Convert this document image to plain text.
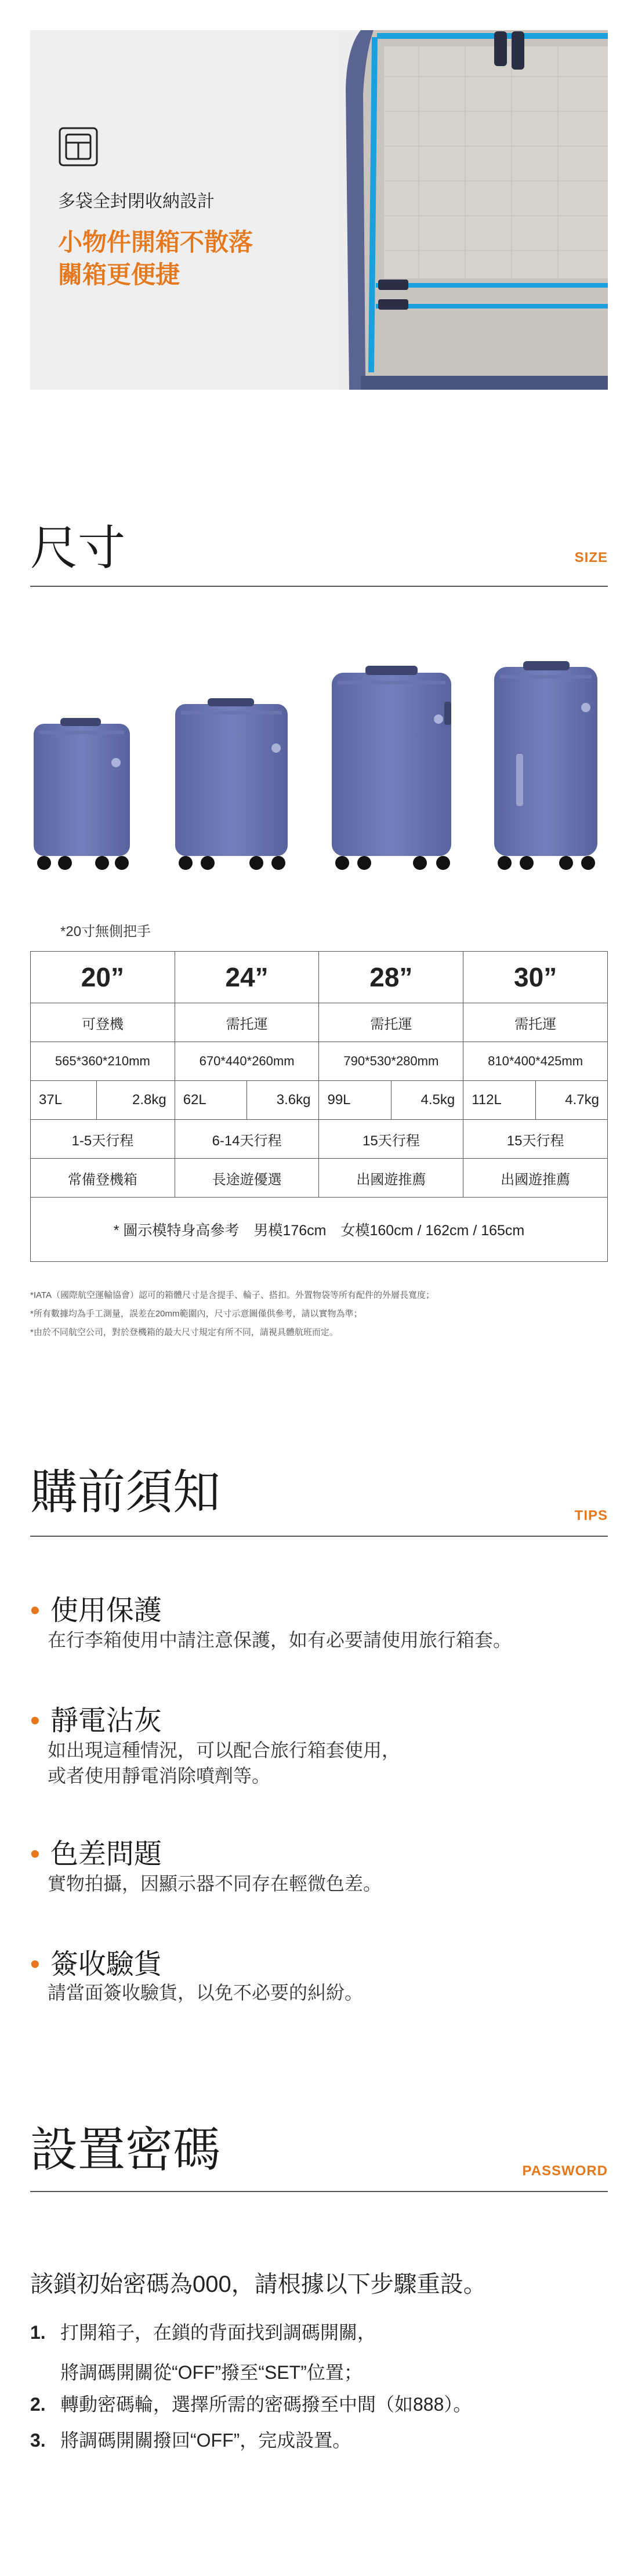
多袋全封閉收納設計
小物件開箱不散落
關箱更便捷
尺寸	SIZE
*20寸無側把手
20”		24”		28”		30”	
可登機		需托運		需托運		需托運	
565*360*210mm		670*440*260mm		790*530*280mm		810*400*425mm	
37L	2.8kg	62L	3.6kg	99L	4.5kg	112L	4.7kg
1-5天行程		6-14天行程		15天行程		15天行程	
常備登機箱		長途遊優選		出國遊推薦		出國遊推薦	
* 圖示模特身高參考　男模176cm　女模160cm / 162cm / 165cm							
*IATA（國際航空運輸協會）認可的箱體尺寸是含提手、輪子、搭扣。外置物袋等所有配件的外層長寬度；
*所有數據均為手工測量，誤差在20mm範圍內，尺寸示意圖僅供參考，請以實物為準；
*由於不同航空公司，對於登機箱的最大尺寸規定有所不同，請視具體航班而定。
購前須知	TIPS
• 使用保護
在行李箱使用中請注意保護，如有必要請使用旅行箱套。
• 靜電沾灰
如出現這種情況，可以配合旅行箱套使用，
或者使用靜電消除噴劑等。
• 色差問題
實物拍攝，因顯示器不同存在輕微色差。
• 簽收驗貨
請當面簽收驗貨，以免不必要的糾紛。
設置密碼	PASSWORD
該鎖初始密碼為000，請根據以下步驟重設。
1. 打開箱子，在鎖的背面找到調碼開關，
將調碼開關從“OFF”撥至“SET”位置；
2. 轉動密碼輪，選擇所需的密碼撥至中間（如888）。
3. 將調碼開關撥回“OFF”，完成設置。
